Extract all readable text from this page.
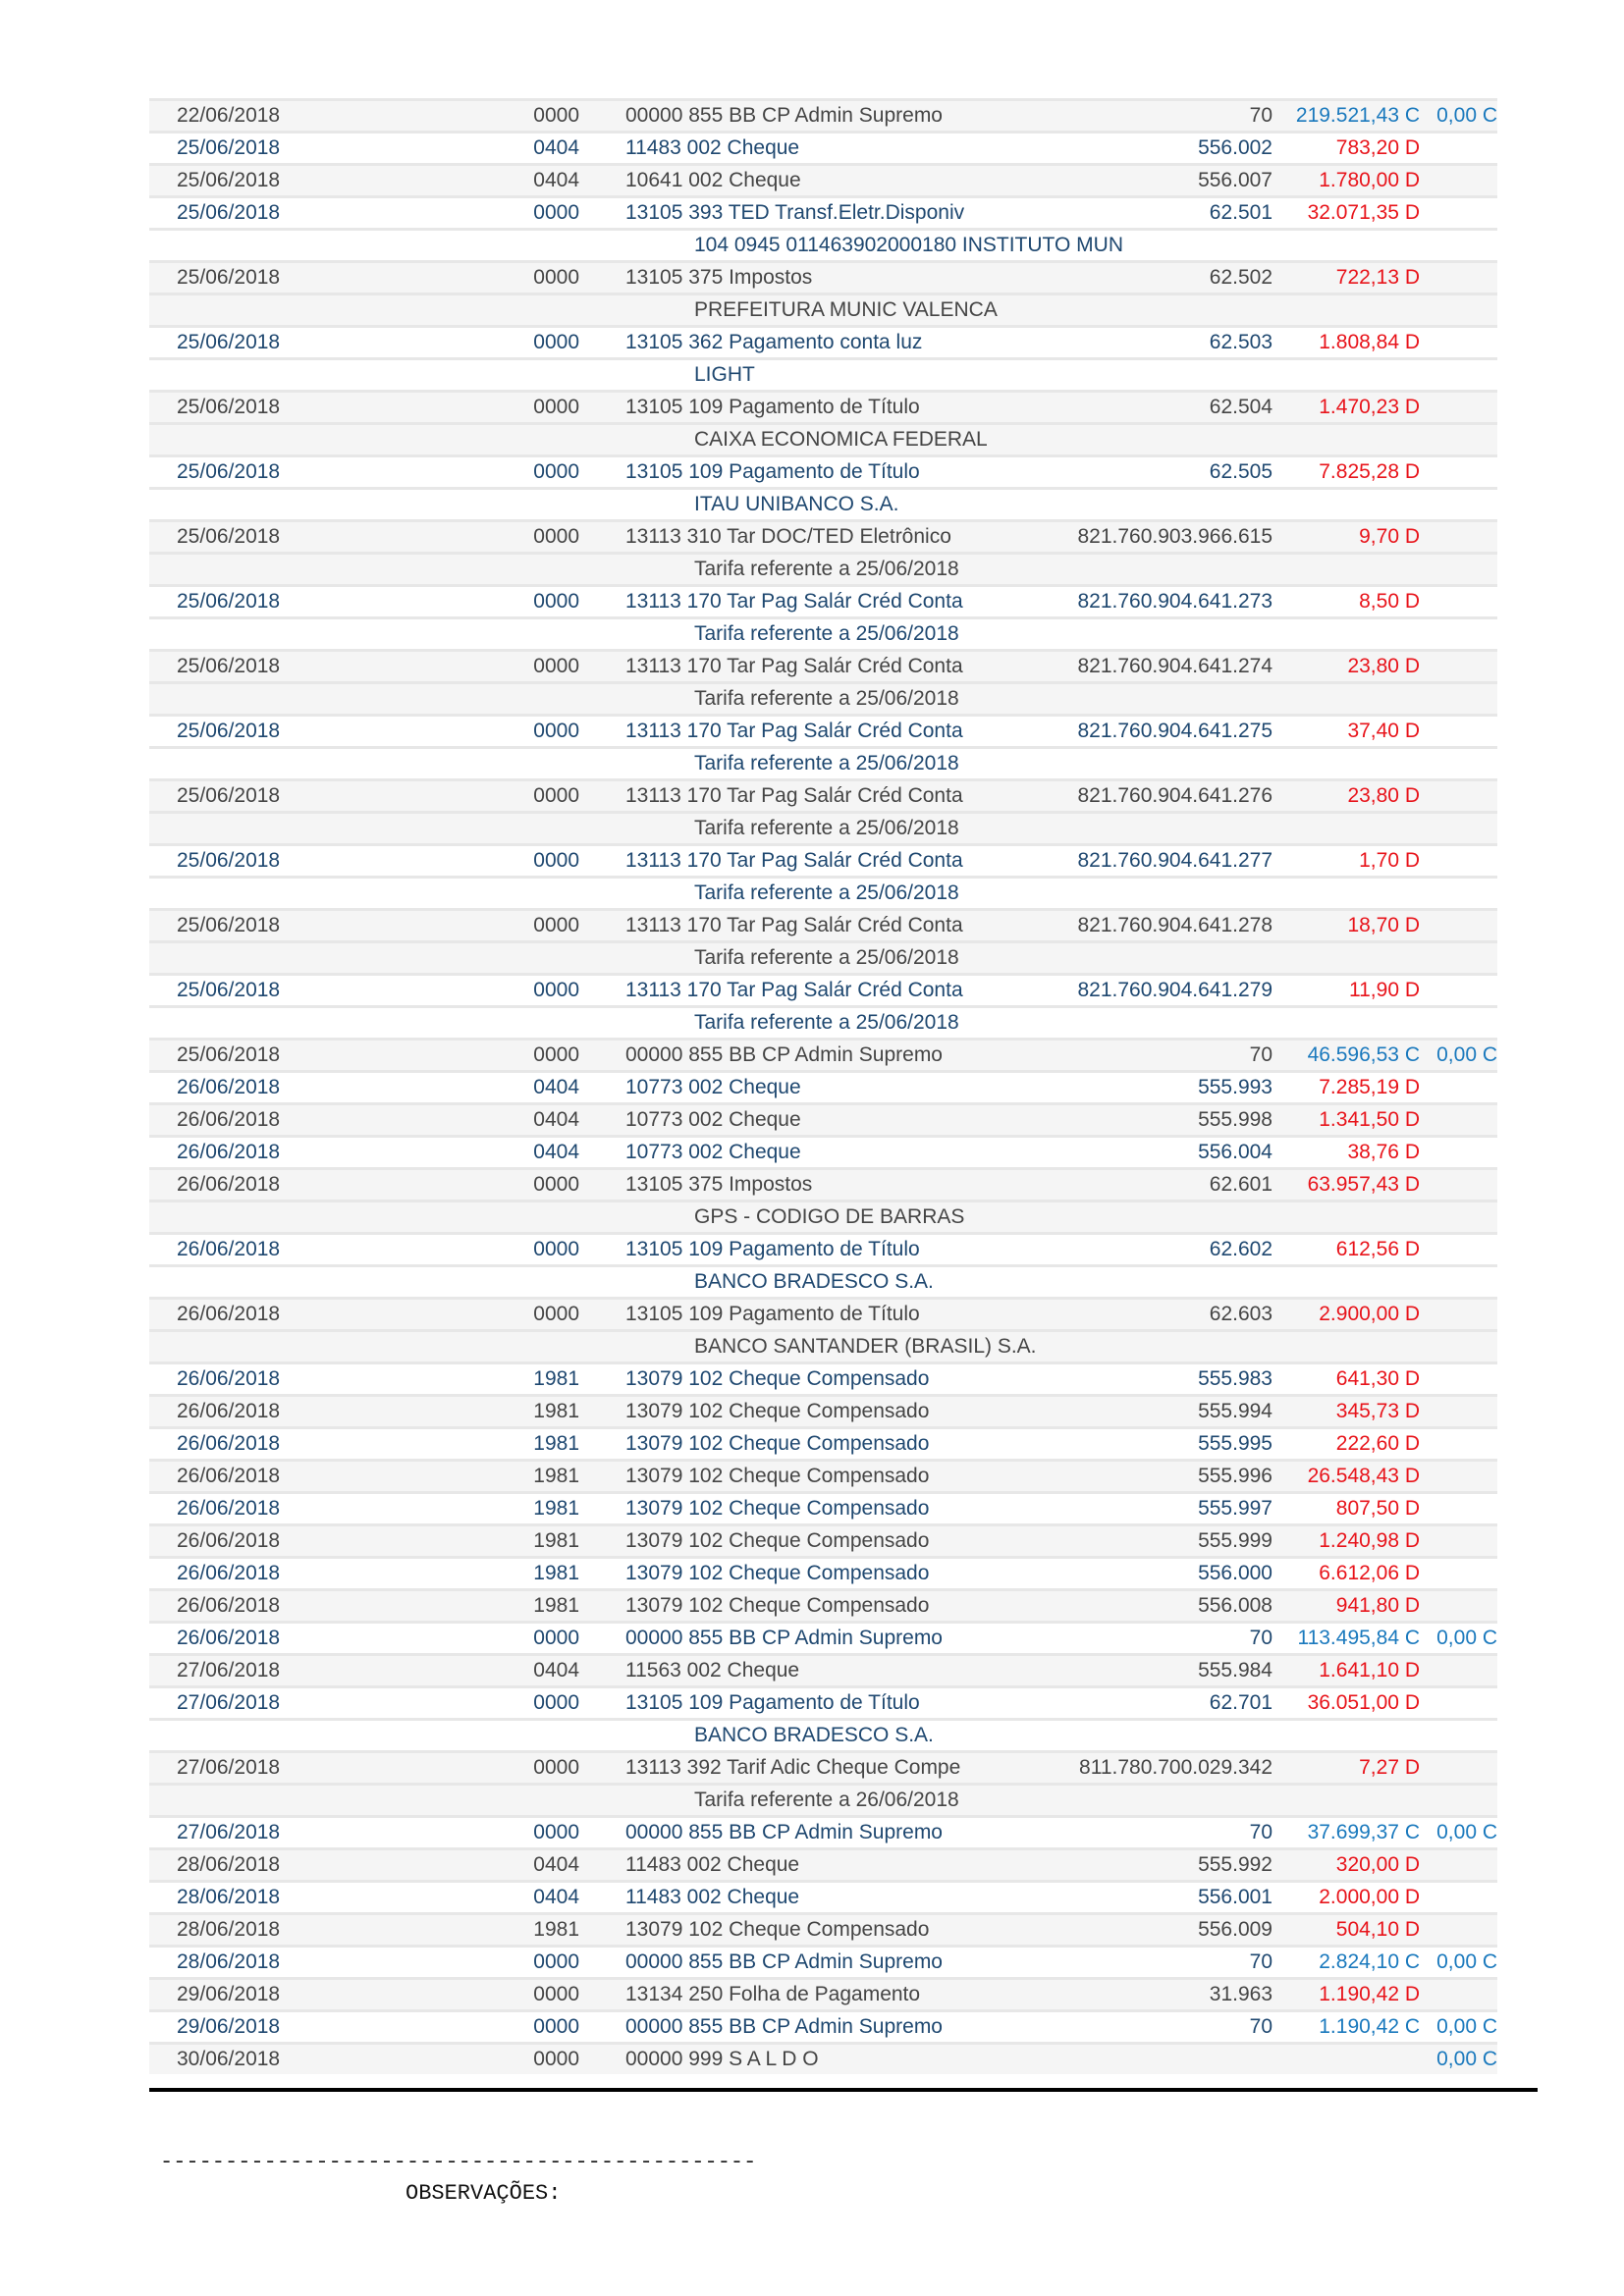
22/06/2018	0000 00000 855 BB CP Admin Supremo	70 219.521,43 C 0,00 C
25/06/2018	0404 11483 002 Cheque	556.002	783,20 D
25/06/2018	0404 10641 002 Cheque	556.007 1.780,00 D
25/06/2018	0000 13105 393 TED Transf.Eletr.Disponiv	62.501 32.071,35 D
104 0945 011463902000180 INSTITUTO MUN
25/06/2018	0000 13105 375 Impostos	62.502	722,13 D
PREFEITURA MUNIC VALENCA
25/06/2018	0000 13105 362 Pagamento conta luz	62.503 1.808,84 D
LIGHT
25/06/2018	0000 13105 109 Pagamento de Título	62.504 1.470,23 D
CAIXA ECONOMICA FEDERAL
25/06/2018	0000 13105 109 Pagamento de Título	62.505 7.825,28 D
ITAU UNIBANCO S.A.
25/06/2018	0000 13113 310 Tar DOC/TED Eletrônico	821.760.903.966.615	9,70 D
Tarifa referente a 25/06/2018
25/06/2018	0000 13113 170 Tar Pag Salár Créd Conta	821.760.904.641.273	8,50 D
Tarifa referente a 25/06/2018
25/06/2018	0000 13113 170 Tar Pag Salár Créd Conta	821.760.904.641.274	23,80 D
Tarifa referente a 25/06/2018
25/06/2018	0000 13113 170 Tar Pag Salár Créd Conta	821.760.904.641.275	37,40 D
Tarifa referente a 25/06/2018
25/06/2018	0000 13113 170 Tar Pag Salár Créd Conta	821.760.904.641.276	23,80 D
Tarifa referente a 25/06/2018
25/06/2018	0000 13113 170 Tar Pag Salár Créd Conta	821.760.904.641.277	1,70 D
Tarifa referente a 25/06/2018
25/06/2018	0000 13113 170 Tar Pag Salár Créd Conta	821.760.904.641.278	18,70 D
Tarifa referente a 25/06/2018
25/06/2018	0000 13113 170 Tar Pag Salár Créd Conta	821.760.904.641.279	11,90 D
Tarifa referente a 25/06/2018
25/06/2018	0000 00000 855 BB CP Admin Supremo	70 46.596,53 C 0,00 C
26/06/2018	0404 10773 002 Cheque	555.993 7.285,19 D
26/06/2018	0404 10773 002 Cheque	555.998 1.341,50 D
26/06/2018	0404 10773 002 Cheque	556.004	38,76 D
26/06/2018	0000 13105 375 Impostos	62.601 63.957,43 D
GPS - CODIGO DE BARRAS
26/06/2018	0000 13105 109 Pagamento de Título	62.602	612,56 D
BANCO BRADESCO S.A.
26/06/2018	0000 13105 109 Pagamento de Título	62.603 2.900,00 D
BANCO SANTANDER (BRASIL) S.A.
26/06/2018	1981 13079 102 Cheque Compensado	555.983	641,30 D
26/06/2018	1981 13079 102 Cheque Compensado	555.994	345,73 D
26/06/2018	1981 13079 102 Cheque Compensado	555.995	222,60 D
26/06/2018	1981 13079 102 Cheque Compensado	555.996 26.548,43 D
26/06/2018	1981 13079 102 Cheque Compensado	555.997	807,50 D
26/06/2018	1981 13079 102 Cheque Compensado	555.999 1.240,98 D
26/06/2018	1981 13079 102 Cheque Compensado	556.000 6.612,06 D
26/06/2018	1981 13079 102 Cheque Compensado	556.008	941,80 D
26/06/2018	0000 00000 855 BB CP Admin Supremo	70 113.495,84 C 0,00 C
27/06/2018	0404 11563 002 Cheque	555.984 1.641,10 D
27/06/2018	0000 13105 109 Pagamento de Título	62.701 36.051,00 D
BANCO BRADESCO S.A.
27/06/2018	0000 13113 392 Tarif Adic Cheque Compe	811.780.700.029.342	7,27 D
Tarifa referente a 26/06/2018
27/06/2018	0000 00000 855 BB CP Admin Supremo	70 37.699,37 C 0,00 C
28/06/2018	0404 11483 002 Cheque	555.992	320,00 D
28/06/2018	0404 11483 002 Cheque	556.001 2.000,00 D
28/06/2018	1981 13079 102 Cheque Compensado	556.009	504,10 D
28/06/2018	0000 00000 855 BB CP Admin Supremo	70 2.824,10 C 0,00 C
29/06/2018	0000 13134 250 Folha de Pagamento	31.963 1.190,42 D
29/06/2018	0000 00000 855 BB CP Admin Supremo	70 1.190,42 C 0,00 C
30/06/2018	0000 00000 999 S A L D O	0,00 C
----------------------------------------------
OBSERVAÇÕES:
